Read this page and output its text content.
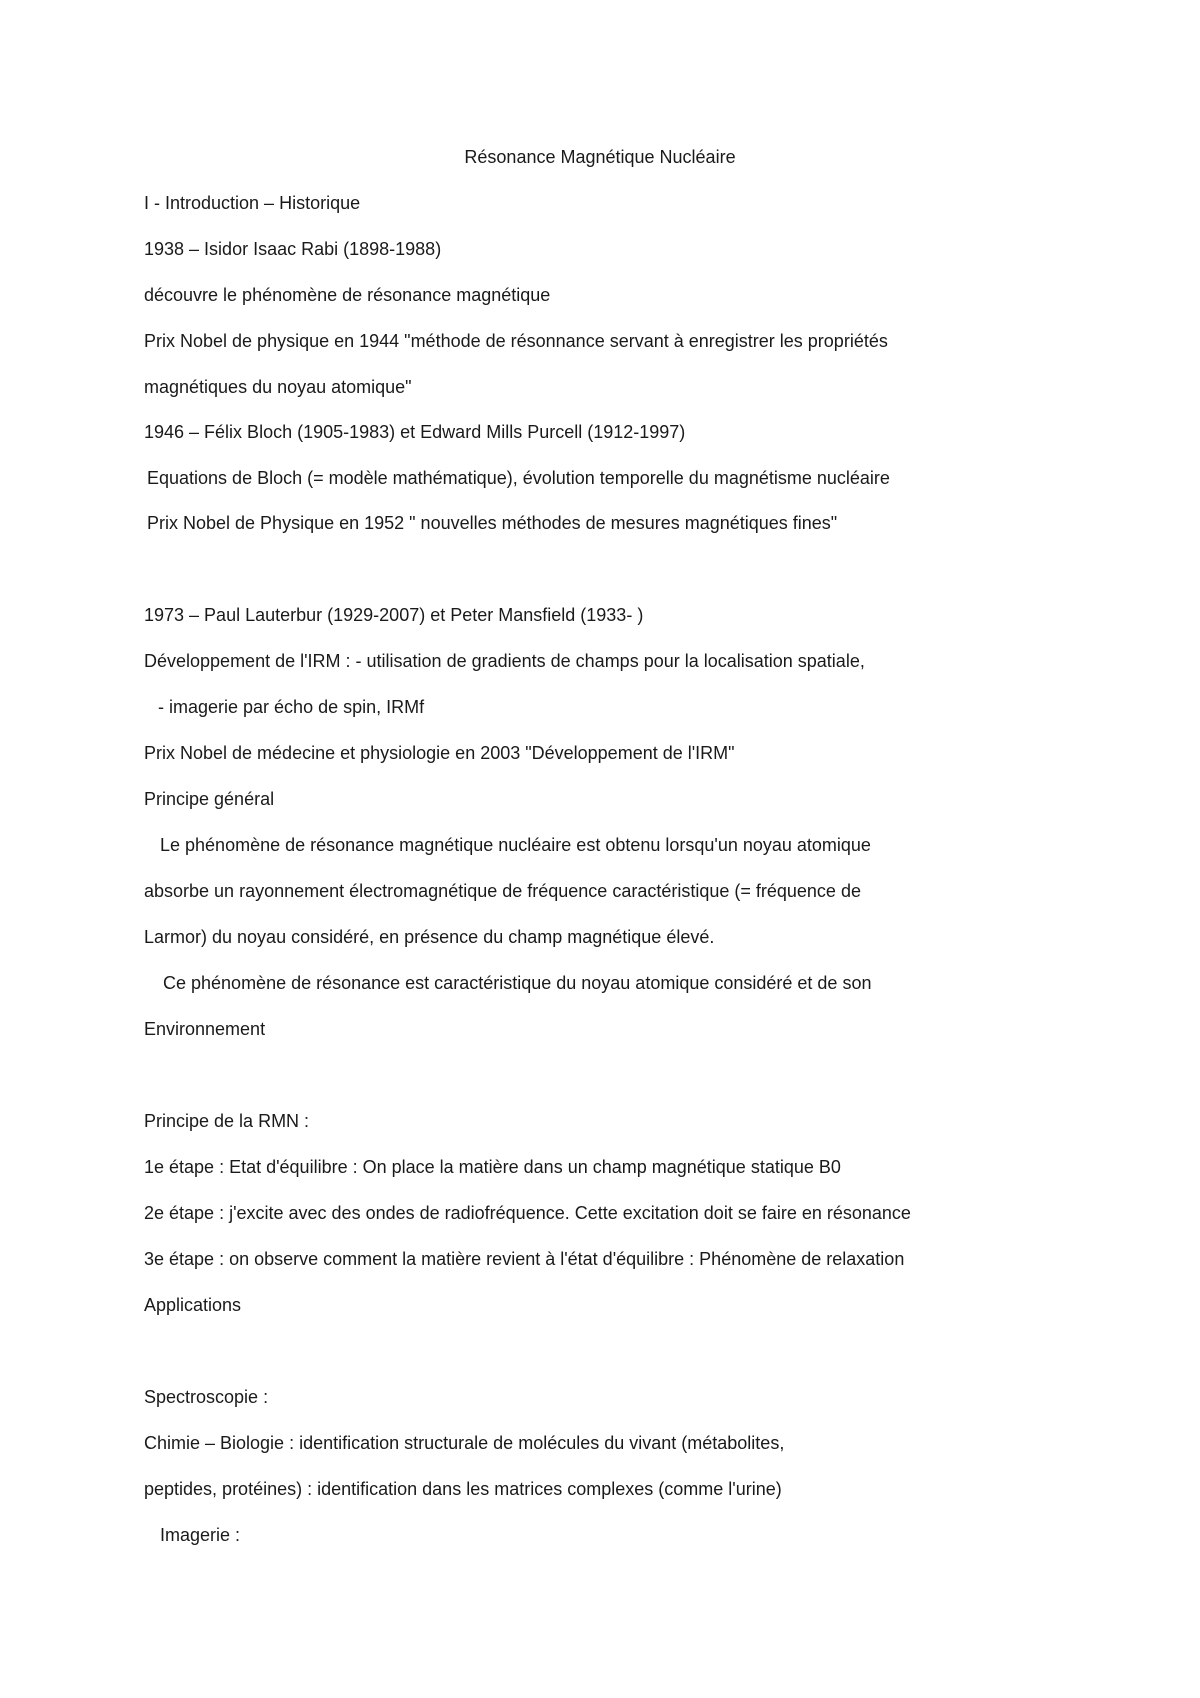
Résonance Magnétique Nucléaire
I - Introduction – Historique
1938 – Isidor Isaac Rabi (1898-1988)
découvre le phénomène de résonance magnétique
Prix Nobel de physique en 1944 "méthode de résonnance servant à enregistrer les propriétés
magnétiques du noyau atomique"
1946 – Félix Bloch (1905-1983) et Edward Mills Purcell (1912-1997)
Equations de Bloch (= modèle mathématique), évolution temporelle du magnétisme nucléaire
Prix Nobel de Physique en 1952 " nouvelles méthodes de mesures magnétiques fines"
1973 – Paul Lauterbur (1929-2007) et Peter Mansfield (1933- )
Développement de l'IRM : - utilisation de gradients de champs pour la localisation spatiale,
- imagerie par écho de spin, IRMf
Prix Nobel de médecine et physiologie en 2003 "Développement de l'IRM"
Principe général
Le phénomène de résonance magnétique nucléaire est obtenu lorsqu'un noyau atomique
absorbe un rayonnement électromagnétique de fréquence caractéristique (= fréquence de
Larmor) du noyau considéré, en présence du champ magnétique élevé.
Ce phénomène de résonance est caractéristique du noyau atomique considéré et de son
Environnement
Principe de la RMN :
1e étape : Etat d'équilibre : On place la matière dans un champ magnétique statique B0
2e étape : j'excite avec des ondes de radiofréquence. Cette excitation doit se faire en résonance
3e étape : on observe comment la matière revient à l'état d'équilibre : Phénomène de relaxation
Applications
Spectroscopie :
Chimie – Biologie : identification structurale de molécules du vivant (métabolites,
peptides, protéines) : identification dans les matrices complexes (comme l'urine)
Imagerie :
